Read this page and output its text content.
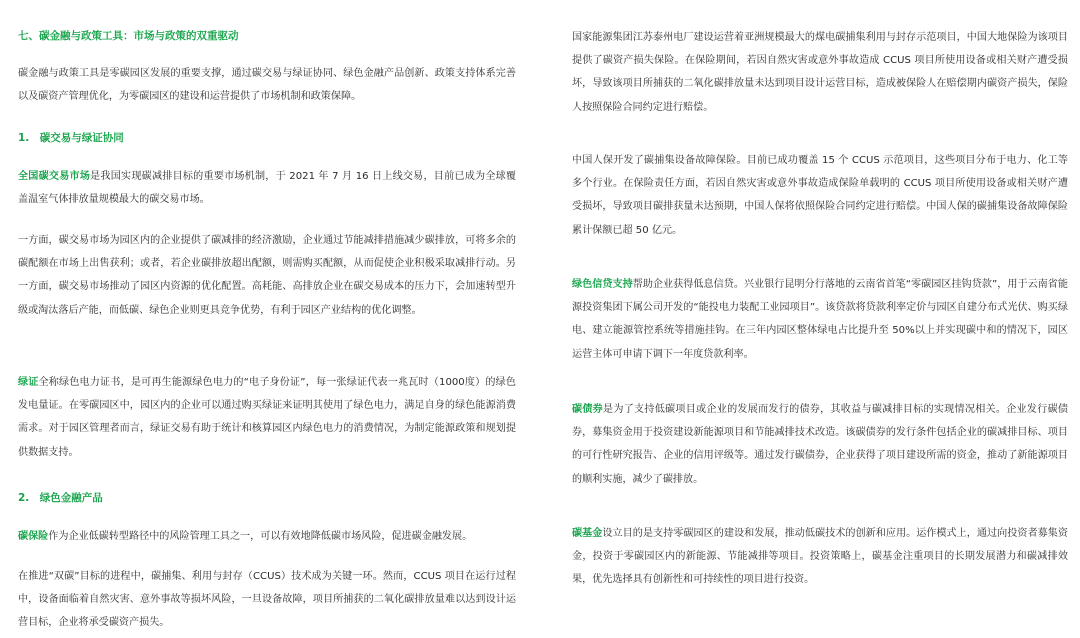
七、碳金融与政策工具：市场与政策的双重驱动

碳金融与政策工具是零碳园区发展的重要支撑，通过碳交易与绿证协同、绿色金融产品创新、政策支持体系完善以及碳资产管理优化，为零碳园区的建设和运营提供了市场机制和政策保障。

1.　碳交易与绿证协同

全国碳交易市场是我国实现碳减排目标的重要市场机制，于 2021 年 7 月 16 日上线交易，目前已成为全球覆盖温室气体排放量规模最大的碳交易市场。

一方面，碳交易市场为园区内的企业提供了碳减排的经济激励，企业通过节能减排措施减少碳排放，可将多余的碳配额在市场上出售获利；或者，若企业碳排放超出配额，则需购买配额，从而促使企业积极采取减排行动。另一方面，碳交易市场推动了园区内资源的优化配置。高耗能、高排放企业在碳交易成本的压力下，会加速转型升级或淘汰落后产能，而低碳、绿色企业则更具竞争优势，有利于园区产业结构的优化调整。

绿证全称绿色电力证书，是可再生能源绿色电力的“电子身份证”，每一张绿证代表一兆瓦时（1000度）的绿色发电量证。在零碳园区中，园区内的企业可以通过购买绿证来证明其使用了绿色电力，满足自身的绿色能源消费需求。对于园区管理者而言，绿证交易有助于统计和核算园区内绿色电力的消费情况，为制定能源政策和规划提供数据支持。

2.　绿色金融产品

碳保险作为企业低碳转型路径中的风险管理工具之一，可以有效地降低碳市场风险，促进碳金融发展。

在推进“双碳”目标的进程中，碳捕集、利用与封存（CCUS）技术成为关键一环。然而，CCUS 项目在运行过程中，设备面临着自然灾害、意外事故等损坏风险，一旦设备故障，项目所捕获的二氧化碳排放量难以达到设计运营目标，企业将承受碳资产损失。

国家能源集团江苏泰州电厂建设运营着亚洲规模最大的煤电碳捕集利用与封存示范项目，中国大地保险为该项目提供了碳资产损失保险。在保险期间，若因自然灾害或意外事故造成 CCUS 项目所使用设备或相关财产遭受损坏，导致该项目所捕获的二氧化碳排放量未达到项目设计运营目标，造成被保险人在赔偿期内碳资产损失，保险人按照保险合同约定进行赔偿。

中国人保开发了碳捕集设备故障保险。目前已成功覆盖 15 个 CCUS 示范项目，这些项目分布于电力、化工等多个行业。在保险责任方面，若因自然灾害或意外事故造成保险单载明的 CCUS 项目所使用设备或相关财产遭受损坏，导致项目碳排获量未达预期，中国人保将依照保险合同约定进行赔偿。中国人保的碳捕集设备故障保险累计保额已超 50 亿元。

绿色信贷支持帮助企业获得低息信贷。兴业银行昆明分行落地的云南省首笔“零碳园区挂钩贷款”，用于云南省能源投资集团下属公司开发的“能投电力装配工业园项目”。该贷款将贷款利率定价与园区自建分布式光伏、购买绿电、建立能源管控系统等措施挂钩。在三年内园区整体绿电占比提升至 50%以上并实现碳中和的情况下，园区运营主体可申请下调下一年度贷款利率。

碳债券是为了支持低碳项目或企业的发展而发行的债券，其收益与碳减排目标的实现情况相关。企业发行碳债券，募集资金用于投资建设新能源项目和节能减排技术改造。该碳债券的发行条件包括企业的碳减排目标、项目的可行性研究报告、企业的信用评级等。通过发行碳债券，企业获得了项目建设所需的资金，推动了新能源项目的顺利实施，减少了碳排放。

碳基金设立目的是支持零碳园区的建设和发展，推动低碳技术的创新和应用。运作模式上，通过向投资者募集资金，投资于零碳园区内的新能源、节能减排等项目。投资策略上，碳基金注重项目的长期发展潜力和碳减排效果，优先选择具有创新性和可持续性的项目进行投资。
